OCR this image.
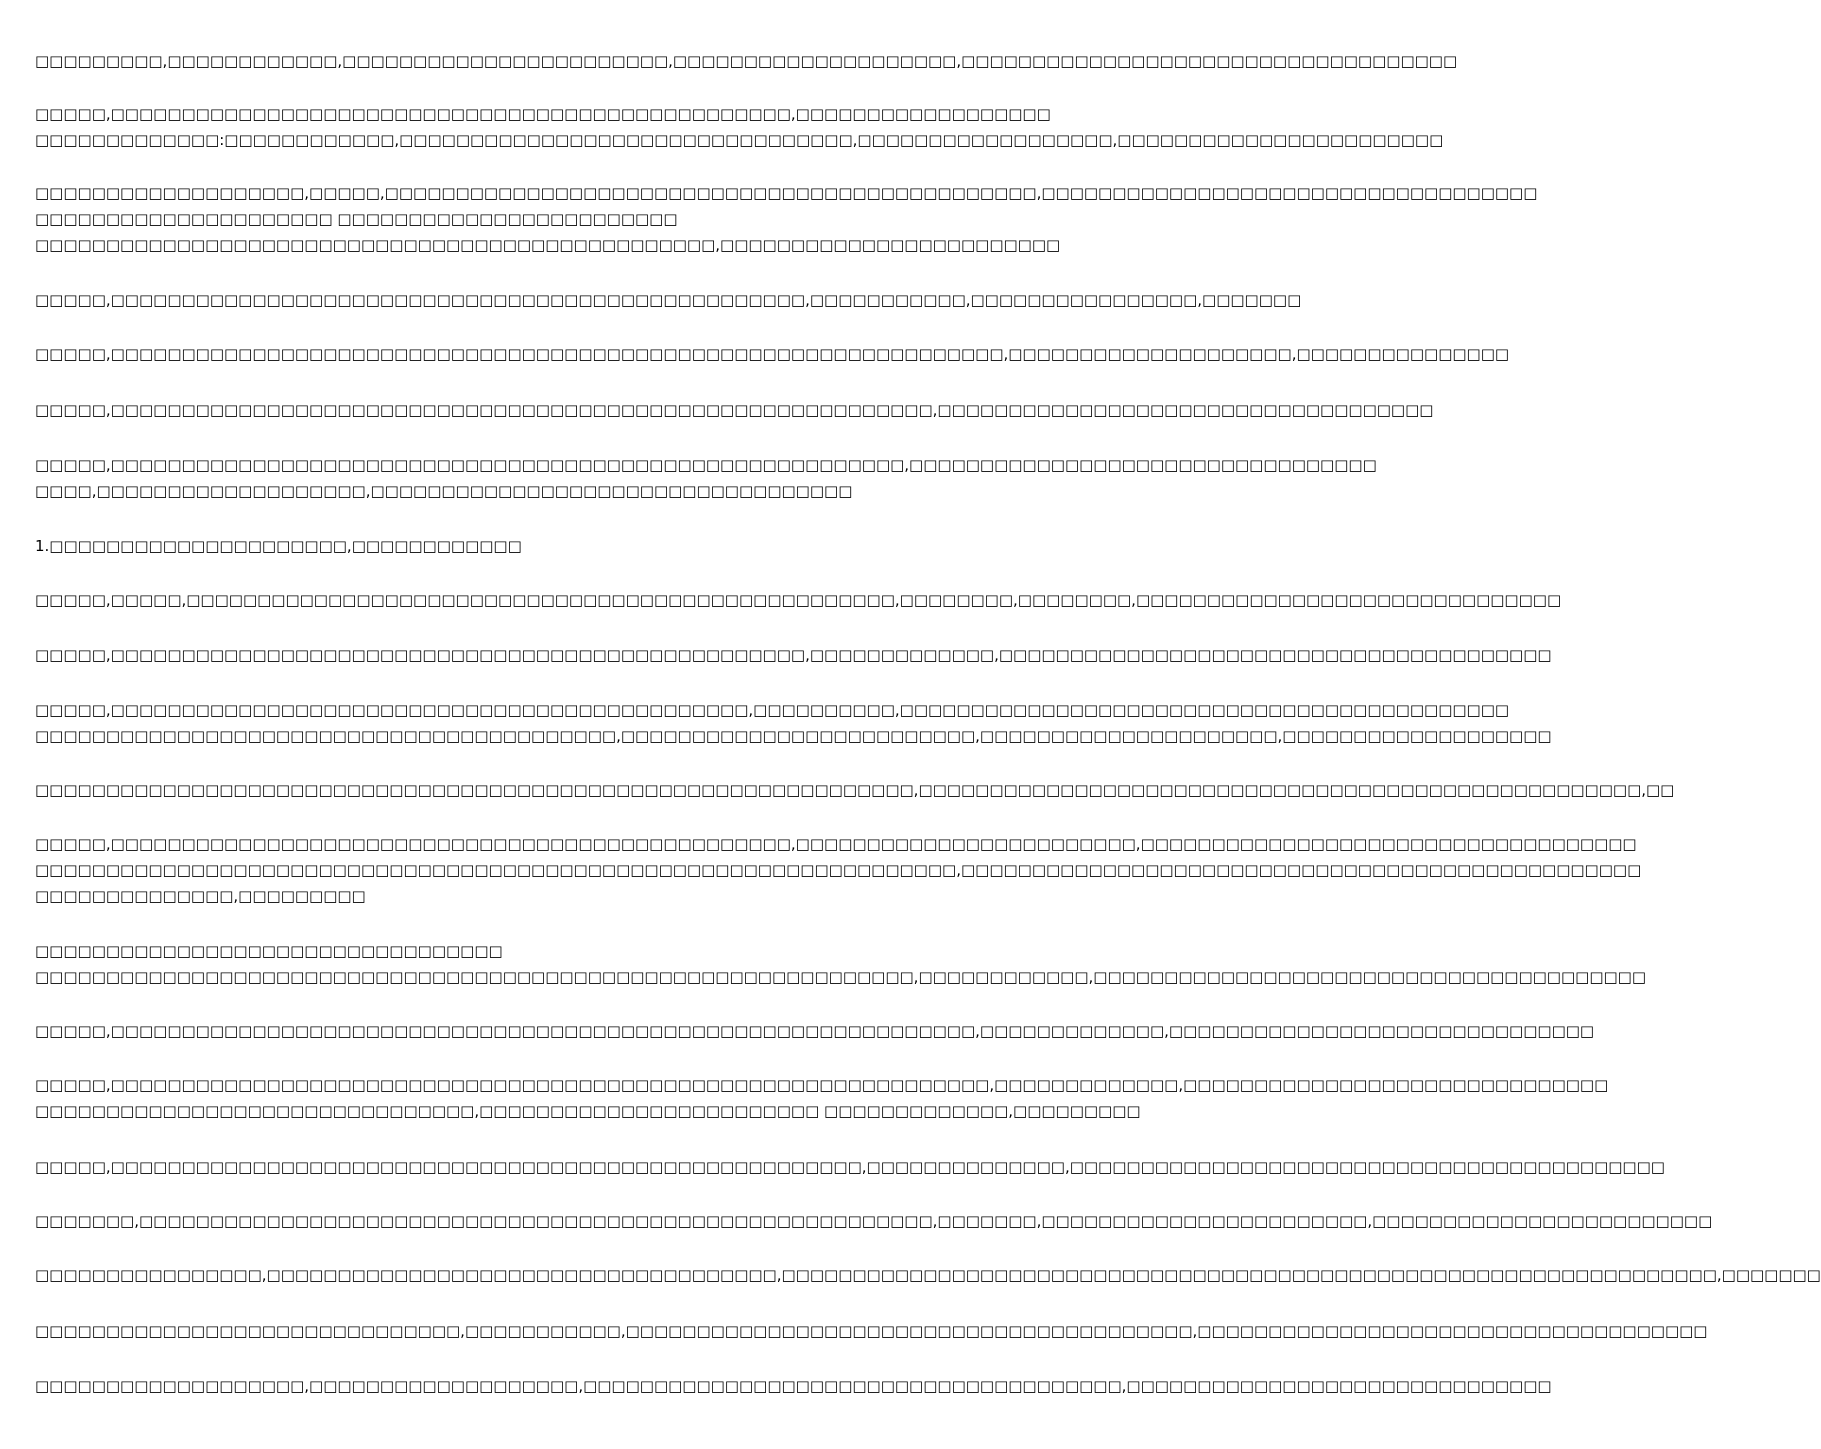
□□□□□□□□□,□□□□□□□□□□□□,□□□□□□□□□□□□□□□□□□□□□□□,□□□□□□□□□□□□□□□□□□□□,□□□□□□□□□□□□□□□□□□□□□□□□□□□□□□□□□□□
□□□□□,□□□□□□□□□□□□□□□□□□□□□□□□□□□□□□□□□□□□□□□□□□□□□□□□,□□□□□□□□□□□□□□□□□□
□□□□□□□□□□□□□:□□□□□□□□□□□□,□□□□□□□□□□□□□□□□□□□□□□□□□□□□□□□□,□□□□□□□□□□□□□□□□□□,□□□□□□□□□□□□□□□□□□□□□□□
□□□□□□□□□□□□□□□□□□□,□□□□□,□□□□□□□□□□□□□□□□□□□□□□□□□□□□□□□□□□□□□□□□□□□□□□,□□□□□□□□□□□□□□□□□□□□□□□□□□□□□□□□□□□
□□□□□□□□□□□□□□□□□□□□□ □□□□□□□□□□□□□□□□□□□□□□□□
□□□□□□□□□□□□□□□□□□□□□□□□□□□□□□□□□□□□□□□□□□□□□□□□,□□□□□□□□□□□□□□□□□□□□□□□□
□□□□□,□□□□□□□□□□□□□□□□□□□□□□□□□□□□□□□□□□□□□□□□□□□□□□□□□,□□□□□□□□□□□,□□□□□□□□□□□□□□□□,□□□□□□□
□□□□□,□□□□□□□□□□□□□□□□□□□□□□□□□□□□□□□□□□□□□□□□□□□□□□□□□□□□□□□□□□□□□□□,□□□□□□□□□□□□□□□□□□□□,□□□□□□□□□□□□□□□
□□□□□,□□□□□□□□□□□□□□□□□□□□□□□□□□□□□□□□□□□□□□□□□□□□□□□□□□□□□□□□□□,□□□□□□□□□□□□□□□□□□□□□□□□□□□□□□□□□□□
□□□□□,□□□□□□□□□□□□□□□□□□□□□□□□□□□□□□□□□□□□□□□□□□□□□□□□□□□□□□□□,□□□□□□□□□□□□□□□□□□□□□□□□□□□□□□□□□
□□□□,□□□□□□□□□□□□□□□□□□□,□□□□□□□□□□□□□□□□□□□□□□□□□□□□□□□□□□
1.□□□□□□□□□□□□□□□□□□□□□,□□□□□□□□□□□□
□□□□□,□□□□□,□□□□□□□□□□□□□□□□□□□□□□□□□□□□□□□□□□□□□□□□□□□□□□□□□□,□□□□□□□□,□□□□□□□□,□□□□□□□□□□□□□□□□□□□□□□□□□□□□□□
□□□□□,□□□□□□□□□□□□□□□□□□□□□□□□□□□□□□□□□□□□□□□□□□□□□□□□□,□□□□□□□□□□□□□,□□□□□□□□□□□□□□□□□□□□□□□□□□□□□□□□□□□□□□□
□□□□□,□□□□□□□□□□□□□□□□□□□□□□□□□□□□□□□□□□□□□□□□□□□□□,□□□□□□□□□□,□□□□□□□□□□□□□□□□□□□□□□□□□□□□□□□□□□□□□□□□□□□
□□□□□□□□□□□□□□□□□□□□□□□□□□□□□□□□□□□□□□□□□,□□□□□□□□□□□□□□□□□□□□□□□□□,□□□□□□□□□□□□□□□□□□□□□,□□□□□□□□□□□□□□□□□□□
□□□□□□□□□□□□□□□□□□□□□□□□□□□□□□□□□□□□□□□□□□□□□□□□□□□□□□□□□□□□□□,□□□□□□□□□□□□□□□□□□□□□□□□□□□□□□□□□□□□□□□□□□□□□□□□□□□,□□
□□□□□,□□□□□□□□□□□□□□□□□□□□□□□□□□□□□□□□□□□□□□□□□□□□□□□□,□□□□□□□□□□□□□□□□□□□□□□□□,□□□□□□□□□□□□□□□□□□□□□□□□□□□□□□□□□□□
□□□□□□□□□□□□□□□□□□□□□□□□□□□□□□□□□□□□□□□□□□□□□□□□□□□□□□□□□□□□□□□□□,□□□□□□□□□□□□□□□□□□□□□□□□□□□□□□□□□□□□□□□□□□□□□□□□
□□□□□□□□□□□□□□,□□□□□□□□□
□□□□□□□□□□□□□□□□□□□□□□□□□□□□□□□□□
□□□□□□□□□□□□□□□□□□□□□□□□□□□□□□□□□□□□□□□□□□□□□□□□□□□□□□□□□□□□□□,□□□□□□□□□□□□,□□□□□□□□□□□□□□□□□□□□□□□□□□□□□□□□□□□□□□□
□□□□□,□□□□□□□□□□□□□□□□□□□□□□□□□□□□□□□□□□□□□□□□□□□□□□□□□□□□□□□□□□□□□,□□□□□□□□□□□□□,□□□□□□□□□□□□□□□□□□□□□□□□□□□□□□
□□□□□,□□□□□□□□□□□□□□□□□□□□□□□□□□□□□□□□□□□□□□□□□□□□□□□□□□□□□□□□□□□□□□,□□□□□□□□□□□□□,□□□□□□□□□□□□□□□□□□□□□□□□□□□□□□
□□□□□□□□□□□□□□□□□□□□□□□□□□□□□□□,□□□□□□□□□□□□□□□□□□□□□□□□ □□□□□□□□□□□□□,□□□□□□□□□
□□□□□,□□□□□□□□□□□□□□□□□□□□□□□□□□□□□□□□□□□□□□□□□□□□□□□□□□□□□,□□□□□□□□□□□□□□,□□□□□□□□□□□□□□□□□□□□□□□□□□□□□□□□□□□□□□□□□□
□□□□□□□,□□□□□□□□□□□□□□□□□□□□□□□□□□□□□□□□□□□□□□□□□□□□□□□□□□□□□□□□,□□□□□□□,□□□□□□□□□□□□□□□□□□□□□□□,□□□□□□□□□□□□□□□□□□□□□□□□
□□□□□□□□□□□□□□□□,□□□□□□□□□□□□□□□□□□□□□□□□□□□□□□□□□□□□,□□□□□□□□□□□□□□□□□□□□□□□□□□□□□□□□□□□□□□□□□□□□□□□□□□□□□□□□□□□□□□□□□□,□□□□□□□
□□□□□□□□□□□□□□□□□□□□□□□□□□□□□□,□□□□□□□□□□□,□□□□□□□□□□□□□□□□□□□□□□□□□□□□□□□□□□□□□□□□,□□□□□□□□□□□□□□□□□□□□□□□□□□□□□□□□□□□□
□□□□□□□□□□□□□□□□□□□,□□□□□□□□□□□□□□□□□□□,□□□□□□□□□□□□□□□□□□□□□□□□□□□□□□□□□□□□□□,□□□□□□□□□□□□□□□□□□□□□□□□□□□□□□
